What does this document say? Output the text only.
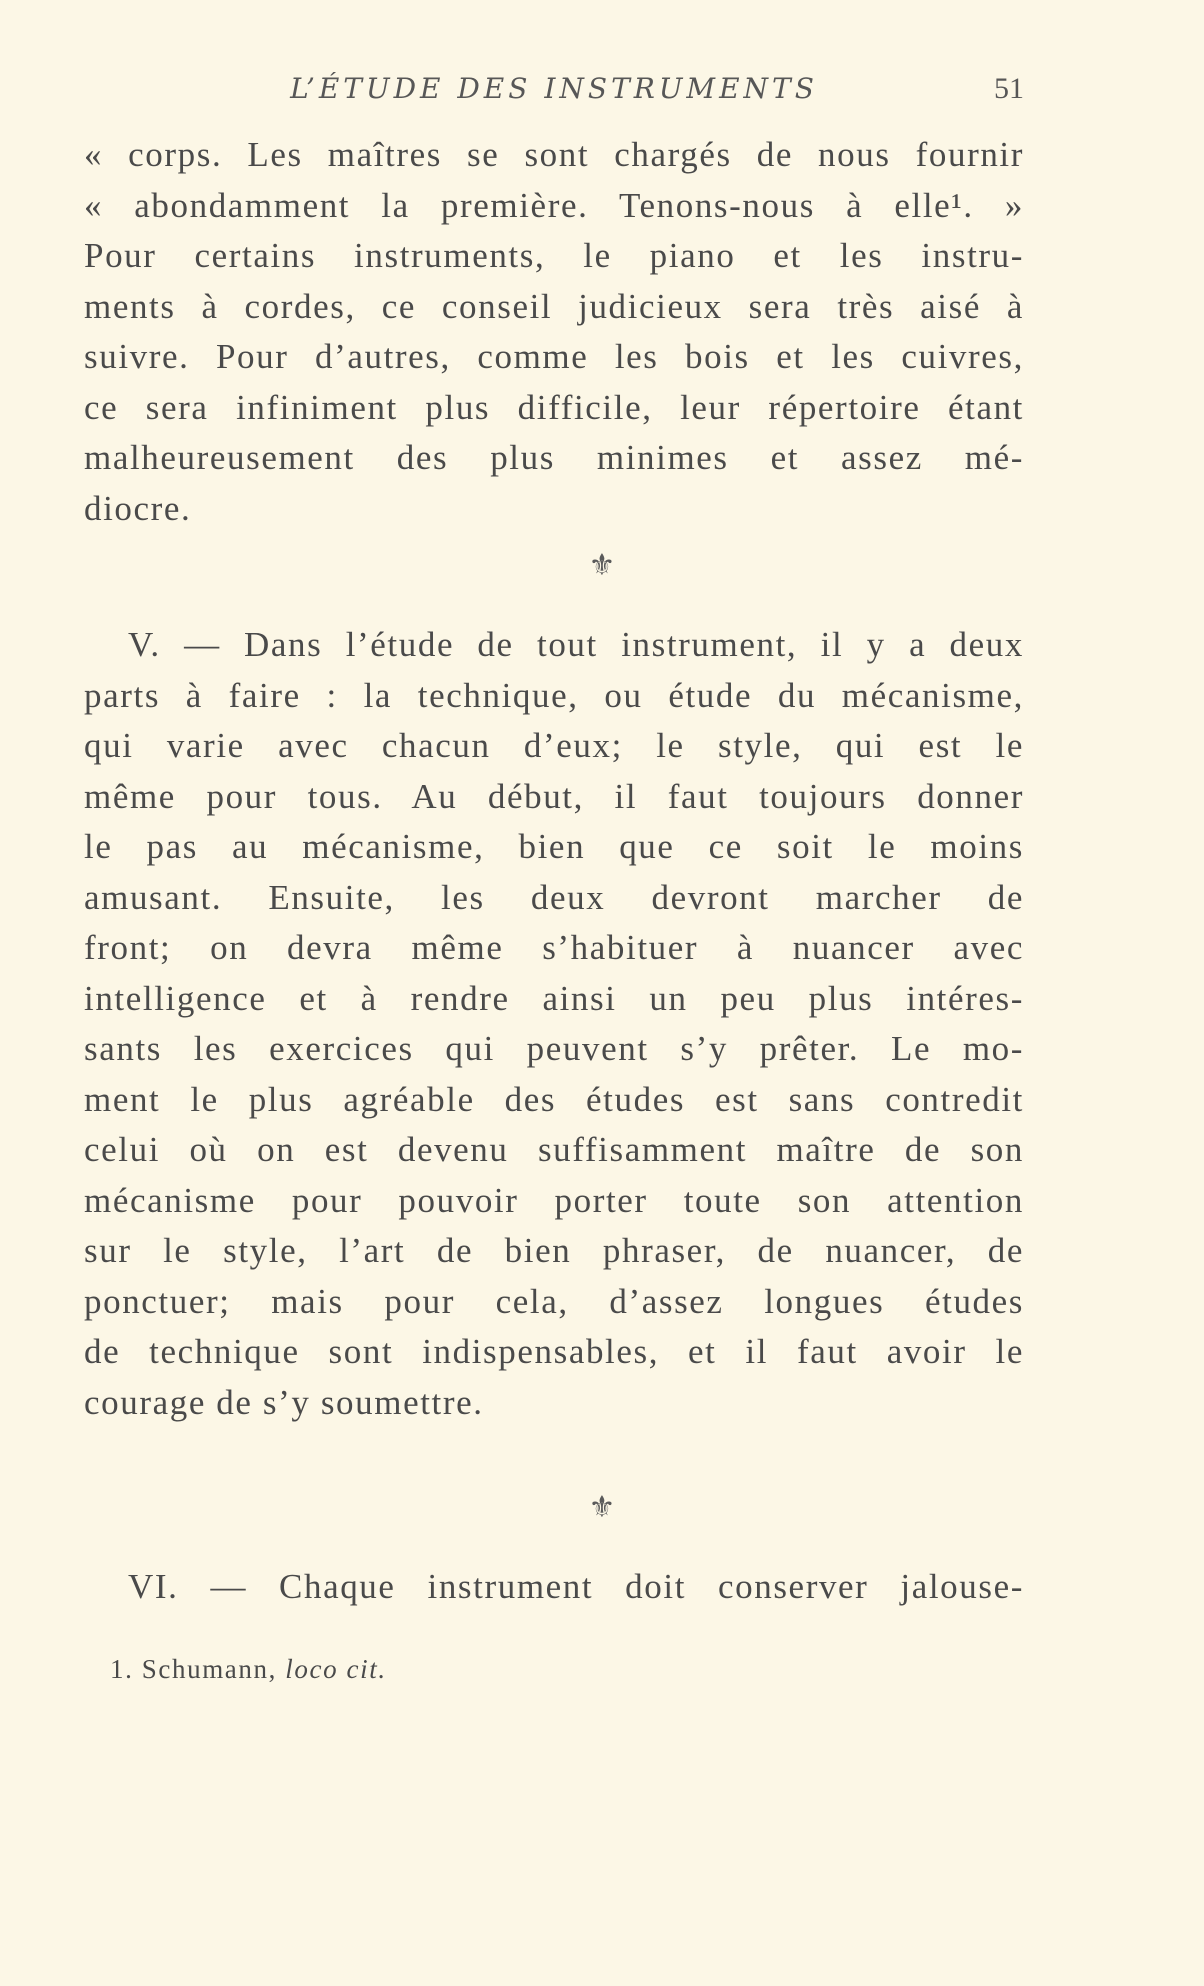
L’ÉTUDE DES INSTRUMENTS	51
« corps. Les maîtres se sont chargés de nous fournir
« abondamment la première. Tenons-nous à elle¹. »
Pour certains instruments, le piano et les instru-
ments à cordes, ce conseil judicieux sera très aisé à
suivre. Pour d’autres, comme les bois et les cuivres,
ce sera infiniment plus difficile, leur répertoire étant
malheureusement des plus minimes et assez mé-
diocre.
⚜
V. — Dans l’étude de tout instrument, il y a deux
parts à faire : la technique, ou étude du mécanisme,
qui varie avec chacun d’eux; le style, qui est le
même pour tous. Au début, il faut toujours donner
le pas au mécanisme, bien que ce soit le moins
amusant. Ensuite, les deux devront marcher de
front; on devra même s’habituer à nuancer avec
intelligence et à rendre ainsi un peu plus intéres-
sants les exercices qui peuvent s’y prêter. Le mo-
ment le plus agréable des études est sans contredit
celui où on est devenu suffisamment maître de son
mécanisme pour pouvoir porter toute son attention
sur le style, l’art de bien phraser, de nuancer, de
ponctuer; mais pour cela, d’assez longues études
de technique sont indispensables, et il faut avoir le
courage de s’y soumettre.
⚜
VI. — Chaque instrument doit conserver jalouse-
1. Schumann, loco cit.
